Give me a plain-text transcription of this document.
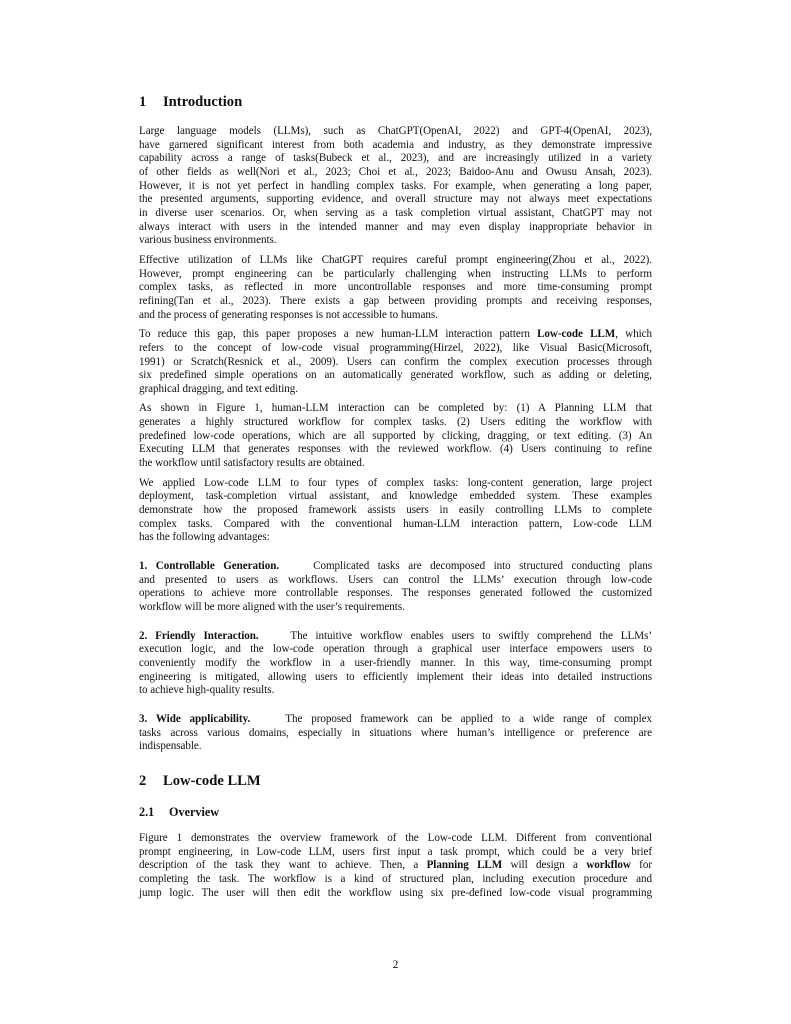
1 Introduction

Large language models (LLMs), such as ChatGPT(OpenAI, 2022) and GPT-4(OpenAI, 2023),
have garnered significant interest from both academia and industry, as they demonstrate impressive
capability across a range of tasks(Bubeck et al., 2023), and are increasingly utilized in a variety
of other fields as well(Nori et al., 2023; Choi et al., 2023; Baidoo-Anu and Owusu Ansah, 2023).
However, it is not yet perfect in handling complex tasks. For example, when generating a long paper,
the presented arguments, supporting evidence, and overall structure may not always meet expectations
in diverse user scenarios. Or, when serving as a task completion virtual assistant, ChatGPT may not
always interact with users in the intended manner and may even display inappropriate behavior in
various business environments.

Effective utilization of LLMs like ChatGPT requires careful prompt engineering(Zhou et al., 2022).
However, prompt engineering can be particularly challenging when instructing LLMs to perform
complex tasks, as reflected in more uncontrollable responses and more time-consuming prompt
refining(Tan et al., 2023). There exists a gap between providing prompts and receiving responses,
and the process of generating responses is not accessible to humans.

To reduce this gap, this paper proposes a new human-LLM interaction pattern Low-code LLM, which
refers to the concept of low-code visual programming(Hirzel, 2022), like Visual Basic(Microsoft,
1991) or Scratch(Resnick et al., 2009). Users can confirm the complex execution processes through
six predefined simple operations on an automatically generated workflow, such as adding or deleting,
graphical dragging, and text editing.

As shown in Figure 1, human-LLM interaction can be completed by: (1) A Planning LLM that
generates a highly structured workflow for complex tasks. (2) Users editing the workflow with
predefined low-code operations, which are all supported by clicking, dragging, or text editing. (3) An
Executing LLM that generates responses with the reviewed workflow. (4) Users continuing to refine
the workflow until satisfactory results are obtained.

We applied Low-code LLM to four types of complex tasks: long-content generation, large project
deployment, task-completion virtual assistant, and knowledge embedded system. These examples
demonstrate how the proposed framework assists users in easily controlling LLMs to complete
complex tasks. Compared with the conventional human-LLM interaction pattern, Low-code LLM
has the following advantages:

1. Controllable Generation.	Complicated tasks are decomposed into structured conducting plans
and presented to users as workflows. Users can control the LLMs’ execution through low-code
operations to achieve more controllable responses. The responses generated followed the customized
workflow will be more aligned with the user’s requirements.

2. Friendly Interaction.	The intuitive workflow enables users to swiftly comprehend the LLMs’
execution logic, and the low-code operation through a graphical user interface empowers users to
conveniently modify the workflow in a user-friendly manner. In this way, time-consuming prompt
engineering is mitigated, allowing users to efficiently implement their ideas into detailed instructions
to achieve high-quality results.

3. Wide applicability.	The proposed framework can be applied to a wide range of complex
tasks across various domains, especially in situations where human’s intelligence or preference are
indispensable.

2 Low-code LLM
2.1 Overview

Figure 1 demonstrates the overview framework of the Low-code LLM. Different from conventional
prompt engineering, in Low-code LLM, users first input a task prompt, which could be a very brief
description of the task they want to achieve. Then, a Planning LLM will design a workflow for
completing the task. The workflow is a kind of structured plan, including execution procedure and
jump logic. The user will then edit the workflow using six pre-defined low-code visual programming

2
